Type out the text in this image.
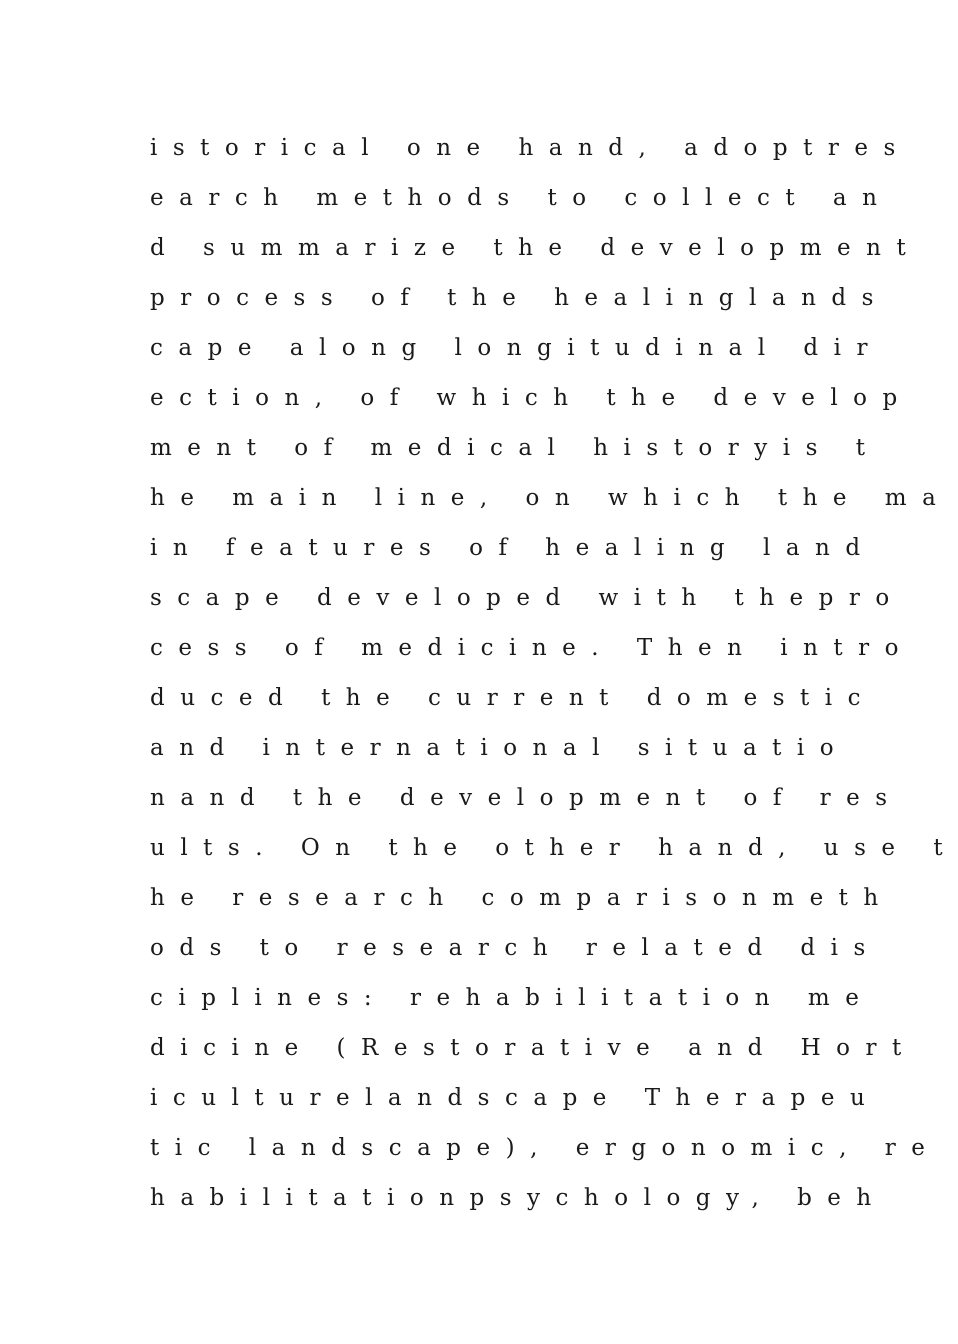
istorical one hand, adoptres
earch methods to collect an
d summarize the development
process of the healinglands
cape along longitudinal dir
ection, of which the develop
ment of medical historyis t
he main line, on which the ma
in features of healing land
scape developed with thepro
cess of medicine. Then intro
duced the current domestic
and international situatio
nand the development of res
ults. On the other hand, use t
he research comparisonmeth
ods to research related dis
ciplines: rehabilitation me
dicine (Restorative and Hort
iculturelandscape Therapeu
tic landscape), ergonomic, re
habilitationpsychology, beh
